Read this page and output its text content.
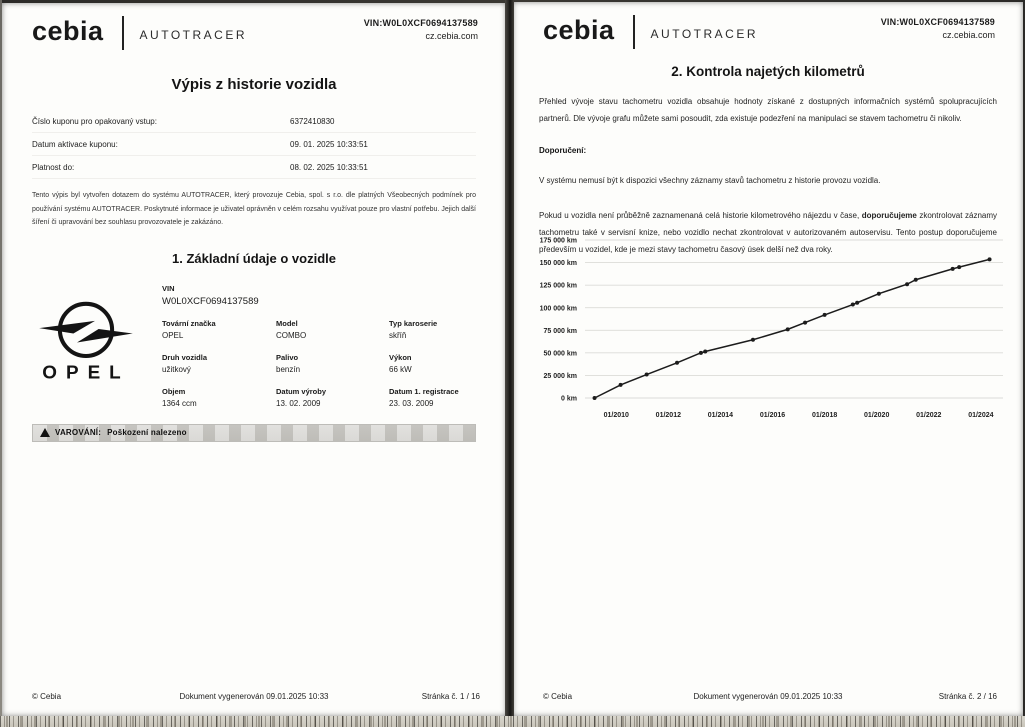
cebia	AUTOTRACER
VIN:W0L0XCF0694137589
cz.cebia.com
Výpis z historie vozidla
Číslo kuponu pro opakovaný vstup:	6372410830
Datum aktivace kuponu:	09. 01. 2025 10:33:51
Platnost do:	08. 02. 2025 10:33:51
Tento výpis byl vytvořen dotazem do systému AUTOTRACER, který provozuje Cebia, spol. s r.o. dle platných Všeobecných podmínek pro používání systému AUTOTRACER. Poskytnuté informace je uživatel oprávněn v celém rozsahu využívat pouze pro vlastní potřebu. Jejich další šíření či upravování bez souhlasu provozovatele je zakázáno.
1. Základní údaje o vozidle
OPEL
VIN
W0L0XCF0694137589
Tovární značka
OPEL
Model
COMBO
Typ karoserie
skříň
Druh vozidla
užitkový
Palivo
benzín
Výkon
66 kW
Objem
1364 ccm
Datum výroby
13. 02. 2009
Datum 1. registrace
23. 03. 2009
VAROVÁNÍ: Poškození nalezeno
© Cebia	Dokument vygenerován 09.01.2025 10:33	Stránka č. 1 / 16
cebia	AUTOTRACER
VIN:W0L0XCF0694137589
cz.cebia.com
2. Kontrola najetých kilometrů
Přehled vývoje stavu tachometru vozidla obsahuje hodnoty získané z dostupných informačních systémů spolupracujících partnerů. Dle vývoje grafu můžete sami posoudit, zda existuje podezření na manipulaci se stavem tachometru či nikoliv.
Doporučení:
V systému nemusí být k dispozici všechny záznamy stavů tachometru z historie provozu vozidla.
Pokud u vozidla není průběžně zaznamenaná celá historie kilometrového nájezdu v čase, doporučujeme zkontrolovat záznamy tachometru také v servisní knize, nebo vozidlo nechat zkontrolovat v autorizovaném autoservisu. Tento postup doporučujeme především u vozidel, kde je mezi stavy tachometru časový úsek delší než dva roky.
0 km
25 000 km
50 000 km
75 000 km
100 000 km
125 000 km
150 000 km
175 000 km
01/2010	01/2012	01/2014	01/2016	01/2018	01/2020	01/2022	01/2024
© Cebia	Dokument vygenerován 09.01.2025 10:33	Stránka č. 2 / 16
